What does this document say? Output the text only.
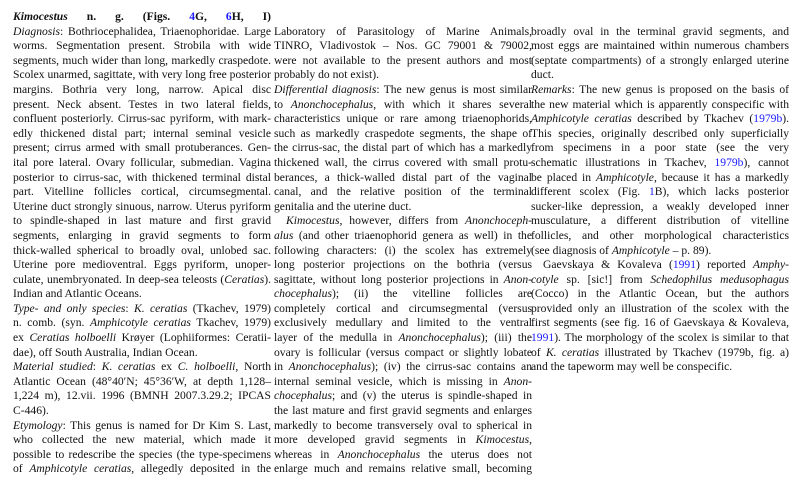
Kimocestus n. g. (Figs. 4G, 6H, I)
Diagnosis: Bothriocephalidea, Triaenophoridae. Large
worms. Segmentation present. Strobila with wide
segments, much wider than long, markedly craspedote.
Scolex unarmed, sagittate, with very long free posterior
margins. Bothria very long, narrow. Apical disc
present. Neck absent. Testes in two lateral fields,
confluent posteriorly. Cirrus-sac pyriform, with mark-
edly thickened distal part; internal seminal vesicle
present; cirrus armed with small protuberances. Gen-
ital pore lateral. Ovary follicular, submedian. Vagina
posterior to cirrus-sac, with thickened terminal distal
part. Vitelline follicles cortical, circumsegmental.
Uterine duct strongly sinuous, narrow. Uterus pyriform
to spindle-shaped in last mature and first gravid
segments, enlarging in gravid segments to form
thick-walled spherical to broadly oval, unlobed sac.
Uterine pore medioventral. Eggs pyriform, unoper-
culate, unembryonated. In deep-sea teleosts (Ceratias).
Indian and Atlantic Oceans.
Type- and only species: K. ceratias (Tkachev, 1979)
n. comb. (syn. Amphicotyle ceratias Tkachev, 1979)
ex Ceratias holboelli Krøyer (Lophiiformes: Ceratii-
dae), off South Australia, Indian Ocean.
Material studied: K. ceratias ex C. holboelli, North
Atlantic Ocean (48°40′N; 45°36′W, at depth 1,128–
1,224 m), 12.vii. 1996 (BMNH 2007.3.29.2; IPCAS
C-446).
Etymology: This genus is named for Dr Kim S. Last,
who collected the new material, which made it
possible to redescribe the species (the type-specimens
of Amphicotyle ceratias, allegedly deposited in the
Laboratory of Parasitology of Marine Animals,
TINRO, Vladivostok – Nos. GC 79001 & 79002,
were not available to the present authors and most
probably do not exist).
Differential diagnosis: The new genus is most similar
to Anonchocephalus, with which it shares several
characteristics unique or rare among triaenophorids,
such as markedly craspedote segments, the shape of
the cirrus-sac, the distal part of which has a markedly
thickened wall, the cirrus covered with small protu-
berances, a thick-walled distal part of the vaginal
canal, and the relative position of the terminal
genitalia and the uterine duct.
Kimocestus, however, differs from Anonchoceph-
alus (and other triaenophorid genera as well) in the
following characters: (i) the scolex has extremely
long posterior projections on the bothria (versus
sagittate, without long posterior projections in Anon-
chocephalus); (ii) the vitelline follicles are
completely cortical and circumsegmental (versus
exclusively medullary and limited to the ventral
layer of the medulla in Anonchocephalus); (iii) the
ovary is follicular (versus compact or slightly lobate
in Anonchocephalus); (iv) the cirrus-sac contains an
internal seminal vesicle, which is missing in Anon-
chocephalus; and (v) the uterus is spindle-shaped in
the last mature and first gravid segments and enlarges
markedly to become transversely oval to spherical in
more developed gravid segments in Kimocestus,
whereas in Anonchocephalus the uterus does not
enlarge much and remains relative small, becoming
broadly oval in the terminal gravid segments, and
most eggs are maintained within numerous chambers
(septate compartments) of a strongly enlarged uterine
duct.
Remarks: The new genus is proposed on the basis of
the new material which is apparently conspecific with
Amphicotyle ceratias described by Tkachev (1979b).
This species, originally described only superficially
from specimens in a poor state (see the very
schematic illustrations in Tkachev, 1979b), cannot
be placed in Amphicotyle, because it has a markedly
different scolex (Fig. 1B), which lacks posterior
sucker-like depression, a weakly developed inner
musculature, a different distribution of vitelline
follicles, and other morphological characteristics
(see diagnosis of Amphicotyle – p. 89).
Gaevskaya & Kovaleva (1991) reported Amphy-
cotyle sp. [sic!] from Schedophilus medusophagus
(Cocco) in the Atlantic Ocean, but the authors
provided only an illustration of the scolex with the
first segments (see fig. 16 of Gaevskaya & Kovaleva,
1991). The morphology of the scolex is similar to that
of K. ceratias illustrated by Tkachev (1979b, fig. a)
and the tapeworm may well be conspecific.
